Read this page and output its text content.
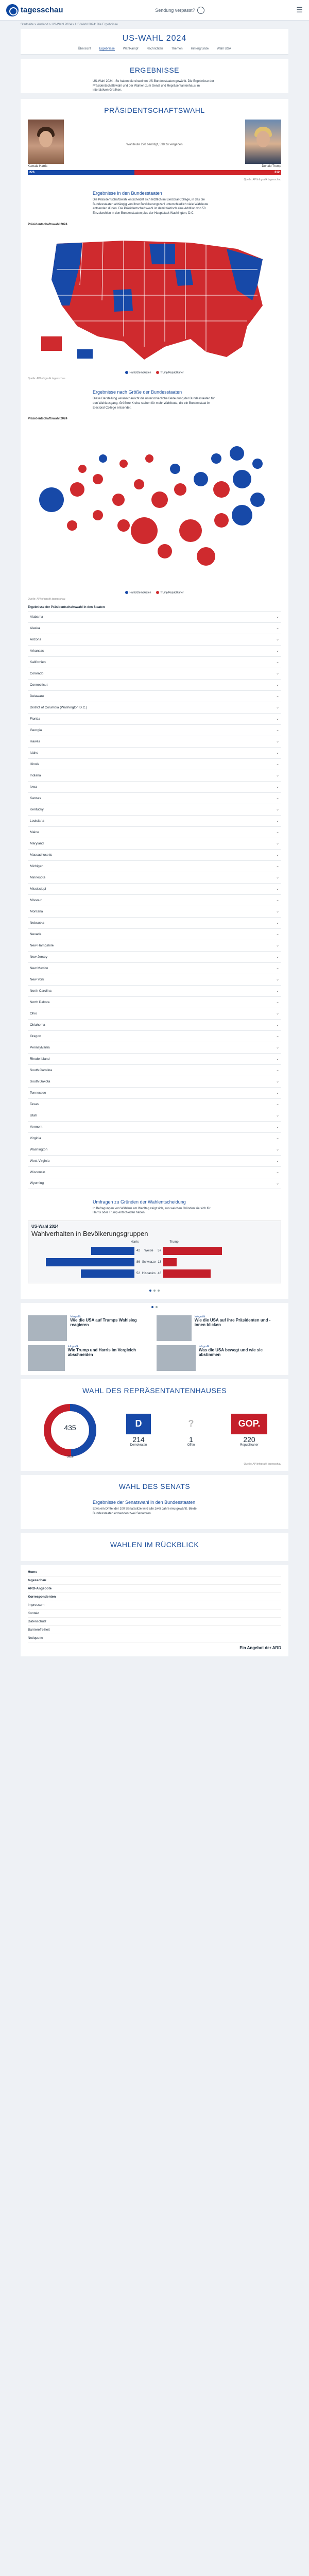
tagesschau	Sendung verpasst?	☰
Startseite > Ausland > US-Wahl 2024 > US-Wahl 2024: Die Ergebnisse
US-WAHL 2024
Übersicht	Ergebnisse	Wahlkampf	Nachrichten	Themen	Hintergründe	Wahl USA
ERGEBNISSE

US-Wahl 2024 - So haben die einzelnen US-Bundesstaaten gewählt. Die Ergebnisse der Präsidentschaftswahl und der Wahlen zum Senat und Repräsentantenhaus im interaktiven Grafiken.

PRÄSIDENTSCHAFTSWAHL
Wahlleute 270 benötigt, 538 zu vergeben
Kamala Harris	Donald Trump
226	312
Quelle: AP/Infografik tagesschau
Ergebnisse in den Bundesstaaten

Die Präsidentschaftswahl entscheidet sich letztlich im Electoral College, in das die Bundesstaaten abhängig von ihrer Bevölkerungszahl unterschiedlich viele Wahlleute entsenden dürfen. Die Präsidentschaftswahl ist damit faktisch eine Addition von 50 Einzelwahlen in den Bundesstaaten plus der Hauptstadt Washington, D.C.

Präsidentschaftswahl 2024
Harris/Demokraten	Trump/Republikaner
Quelle: AP/Infografik tagesschau
Ergebnisse nach Größe der Bundesstaaten

Diese Darstellung veranschaulicht die unterschiedliche Bedeutung der Bundesstaaten für den Wahlausgang. Größere Kreise stehen für mehr Wahlleute, die ein Bundesstaat im Electoral College entsendet.

Präsidentschaftswahl 2024
Harris/Demokraten	Trump/Republikaner
Quelle: AP/Infografik tagesschau
Ergebnisse der Präsidentschaftswahl in den Staaten
Alabama	⌄
Alaska	⌄
Arizona	⌄
Arkansas	⌄
Kalifornien	⌄
Colorado	⌄
Connecticut	⌄
Delaware	⌄
District of Columbia (Washington D.C.)	⌄
Florida	⌄
Georgia	⌄
Hawaii	⌄
Idaho	⌄
Illinois	⌄
Indiana	⌄
Iowa	⌄
Kansas	⌄
Kentucky	⌄
Louisiana	⌄
Maine	⌄
Maryland	⌄
Massachusetts	⌄
Michigan	⌄
Minnesota	⌄
Mississippi	⌄
Missouri	⌄
Montana	⌄
Nebraska	⌄
Nevada	⌄
New Hampshire	⌄
New Jersey	⌄
New Mexico	⌄
New York	⌄
North Carolina	⌄
North Dakota	⌄
Ohio	⌄
Oklahoma	⌄
Oregon	⌄
Pennsylvania	⌄
Rhode Island	⌄
South Carolina	⌄
South Dakota	⌄
Tennessee	⌄
Texas	⌄
Utah	⌄
Vermont	⌄
Virginia	⌄
Washington	⌄
West Virginia	⌄
Wisconsin	⌄
Wyoming	⌄
Umfragen zu Gründen der Wahlentscheidung

In Befragungen von Wählern am Wahltag zeigt sich, aus welchen Gründen sie sich für Harris oder Trump entschieden haben.

US-Wahl 2024
Wahlverhalten in Bevölkerungsgruppen
Harris	Trump
42 Weiße 57
86 Schwarze 13
52 Hispanics 46
Infografik
Wie die USA auf Trumps Wahlsieg reagieren
Infografik
Wie die USA auf ihre Präsidenten und -innen blicken
Infografik
Wie Trump und Harris im Vergleich abschneiden
Infografik
Was die USA bewegt und wie sie abstimmen
WAHL DES REPRÄSENTANTENHAUSES
435
Sitze
D
214
Demokraten
?
1
Offen
GOP.
220
Republikaner
Quelle: AP/Infografik tagesschau
WAHL DES SENATS
Ergebnisse der Senatswahl in den Bundesstaaten

Etwa ein Drittel der 100 Senatssitze wird alle zwei Jahre neu gewählt. Beide Bundesstaaten entsenden zwei Senatoren.

WAHLEN IM RÜCKBLICK
Home
tagesschau
ARD-Angebote
Korrespondenten
Impressum
Kontakt
Datenschutz
Barrierefreiheit
Netiquette
Ein Angebot der ARD
